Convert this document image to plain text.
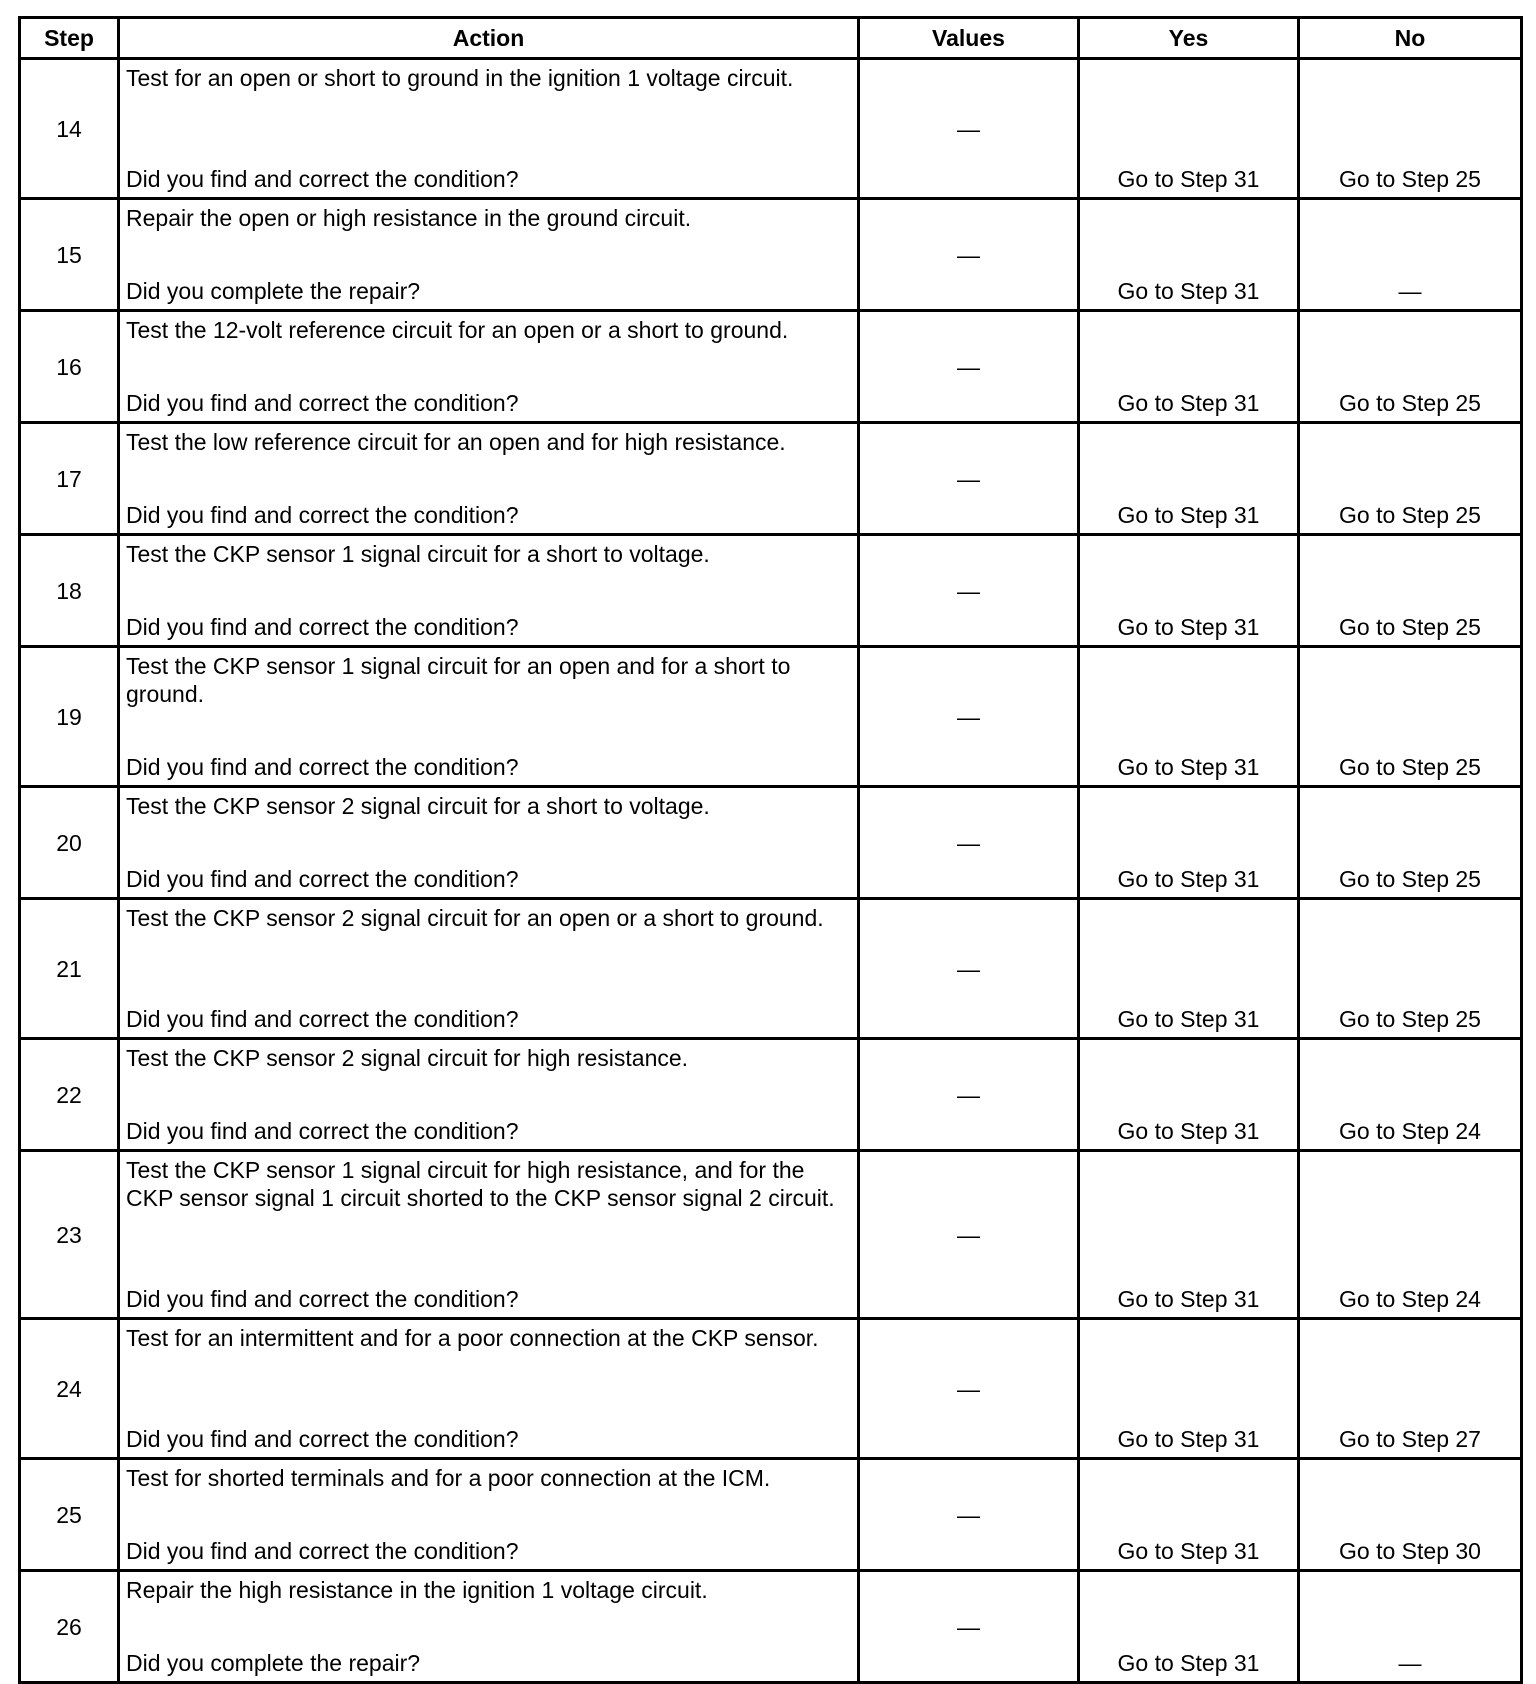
Step	Action	Values	Yes	No
14	Test for an open or short to ground in the ignition 1 voltage circuit.
Did you find and correct the condition?	—	Go to Step 31	Go to Step 25
15	Repair the open or high resistance in the ground circuit.
Did you complete the repair?	—	Go to Step 31	—
16	Test the 12-volt reference circuit for an open or a short to ground.
Did you find and correct the condition?	—	Go to Step 31	Go to Step 25
17	Test the low reference circuit for an open and for high resistance.
Did you find and correct the condition?	—	Go to Step 31	Go to Step 25
18	Test the CKP sensor 1 signal circuit for a short to voltage.
Did you find and correct the condition?	—	Go to Step 31	Go to Step 25
19	Test the CKP sensor 1 signal circuit for an open and for a short to ground.
Did you find and correct the condition?	—	Go to Step 31	Go to Step 25
20	Test the CKP sensor 2 signal circuit for a short to voltage.
Did you find and correct the condition?	—	Go to Step 31	Go to Step 25
21	Test the CKP sensor 2 signal circuit for an open or a short to ground.
Did you find and correct the condition?	—	Go to Step 31	Go to Step 25
22	Test the CKP sensor 2 signal circuit for high resistance.
Did you find and correct the condition?	—	Go to Step 31	Go to Step 24
23	Test the CKP sensor 1 signal circuit for high resistance, and for the CKP sensor signal 1 circuit shorted to the CKP sensor signal 2 circuit.
Did you find and correct the condition?	—	Go to Step 31	Go to Step 24
24	Test for an intermittent and for a poor connection at the CKP sensor.
Did you find and correct the condition?	—	Go to Step 31	Go to Step 27
25	Test for shorted terminals and for a poor connection at the ICM.
Did you find and correct the condition?	—	Go to Step 31	Go to Step 30
26	Repair the high resistance in the ignition 1 voltage circuit.
Did you complete the repair?	—	Go to Step 31	—
